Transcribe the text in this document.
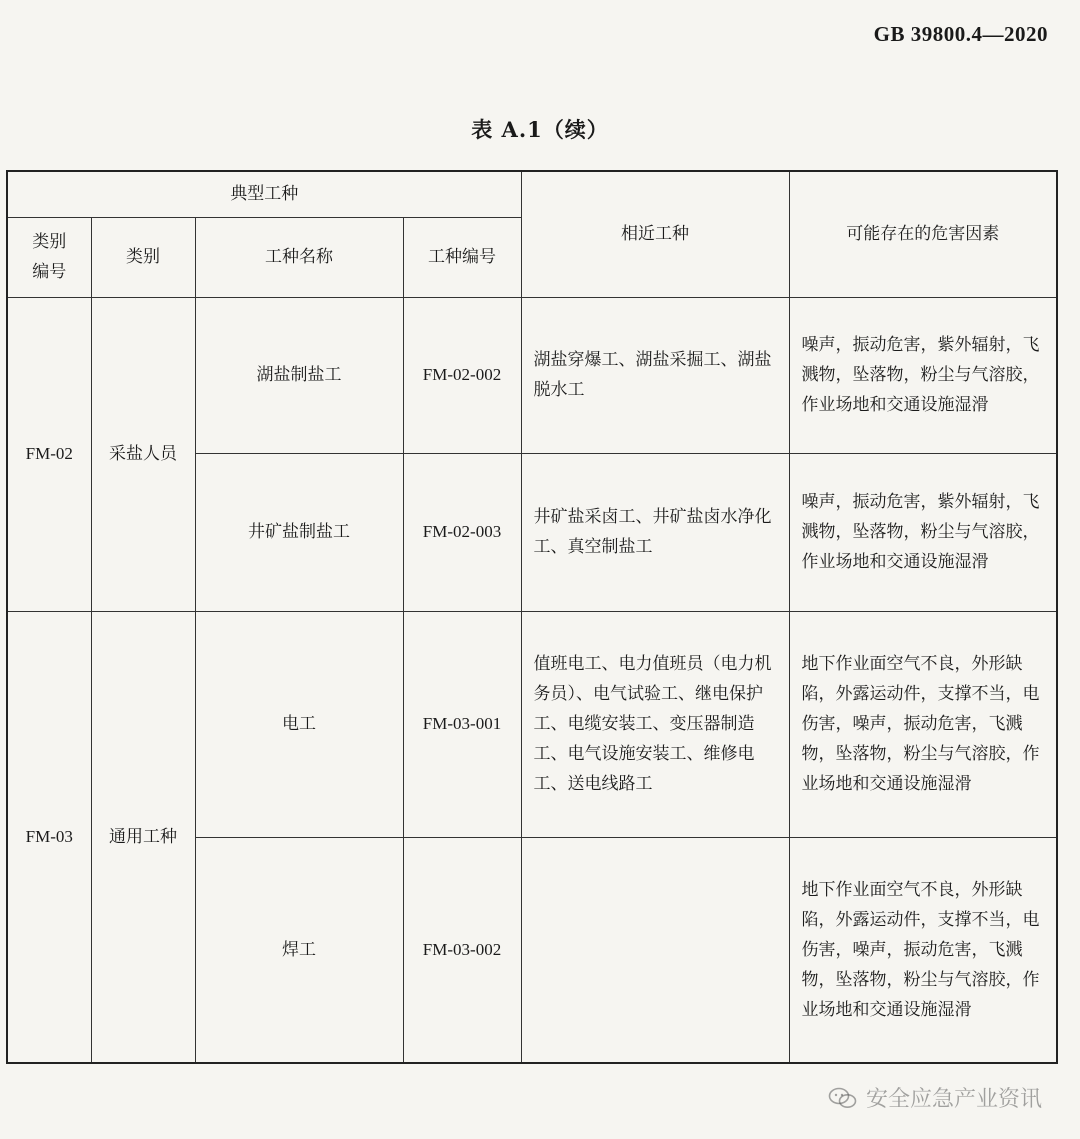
GB 39800.4—2020
表 A.1（续）
典型工种				相近工种	可能存在的危害因素
类别
编号	类别	工种名称	工种编号		
FM-02	采盐人员	湖盐制盐工	FM-02-002	湖盐穿爆工、湖盐采掘工、湖盐脱水工	噪声，振动危害，紫外辐射，飞溅物，坠落物，粉尘与气溶胶，作业场地和交通设施湿滑
		井矿盐制盐工	FM-02-003	井矿盐采卤工、井矿盐卤水净化工、真空制盐工	噪声，振动危害，紫外辐射，飞溅物，坠落物，粉尘与气溶胶，作业场地和交通设施湿滑
FM-03	通用工种	电工	FM-03-001	值班电工、电力值班员（电力机务员）、电气试验工、继电保护工、电缆安装工、变压器制造工、电气设施安装工、维修电工、送电线路工	地下作业面空气不良，外形缺陷，外露运动件，支撑不当，电伤害，噪声，振动危害，飞溅物，坠落物，粉尘与气溶胶，作业场地和交通设施湿滑
		焊工	FM-03-002		地下作业面空气不良，外形缺陷，外露运动件，支撑不当，电伤害，噪声，振动危害，飞溅物，坠落物，粉尘与气溶胶，作业场地和交通设施湿滑
安全应急产业资讯
